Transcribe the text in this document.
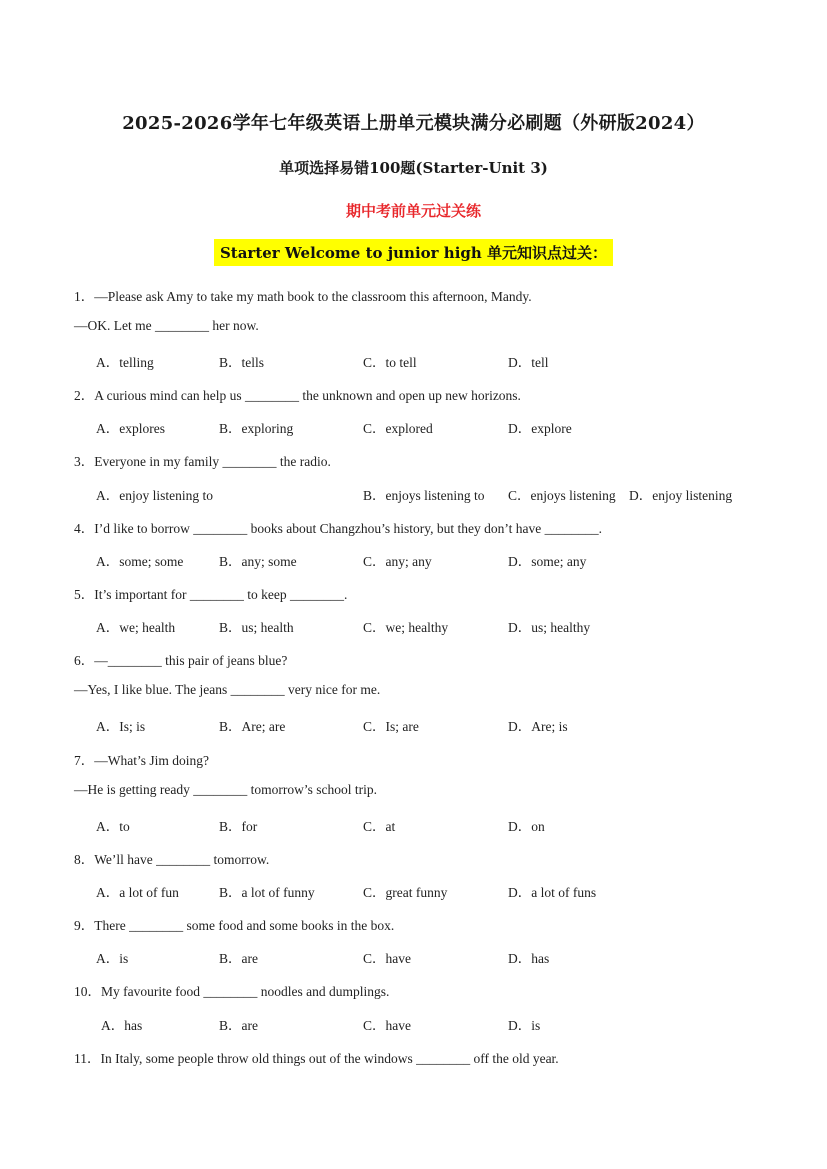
2025-2026学年七年级英语上册单元模块满分必刷题（外研版2024）
单项选择易错100题(Starter-Unit 3)
期中考前单元过关练
Starter Welcome to junior high 单元知识点过关：
1．—Please ask Amy to take my math book to the classroom this afternoon, Mandy.
—OK. Let me ________ her now.
A．telling	B．tells	C．to tell	D．tell
2．A curious mind can help us ________ the unknown and open up new horizons.
A．explores	B．exploring	C．explored	D．explore
3．Everyone in my family ________ the radio.
A．enjoy listening to	B．enjoys listening to C．enjoys listening D．enjoy listening
4．I’d like to borrow ________ books about Changzhou’s history, but they don’t have ________.
A．some; some	B．any; some	C．any; any	D．some; any
5．It’s important for ________ to keep ________.
A．we; health	B．us; health	C．we; healthy	D．us; healthy
6．—________ this pair of jeans blue?
—Yes, I like blue. The jeans ________ very nice for me.
A．Is; is	B．Are; are	C．Is; are	D．Are; is
7．—What’s Jim doing?
—He is getting ready ________ tomorrow’s school trip.
A．to	B．for	C．at	D．on
8．We’ll have ________ tomorrow.
A．a lot of fun	B．a lot of funny	C．great funny	D．a lot of funs
9．There ________ some food and some books in the box.
A．is	B．are	C．have	D．has
10．My favourite food ________ noodles and dumplings.
A．has	B．are	C．have	D．is
11．In Italy, some people throw old things out of the windows ________ off the old year.
